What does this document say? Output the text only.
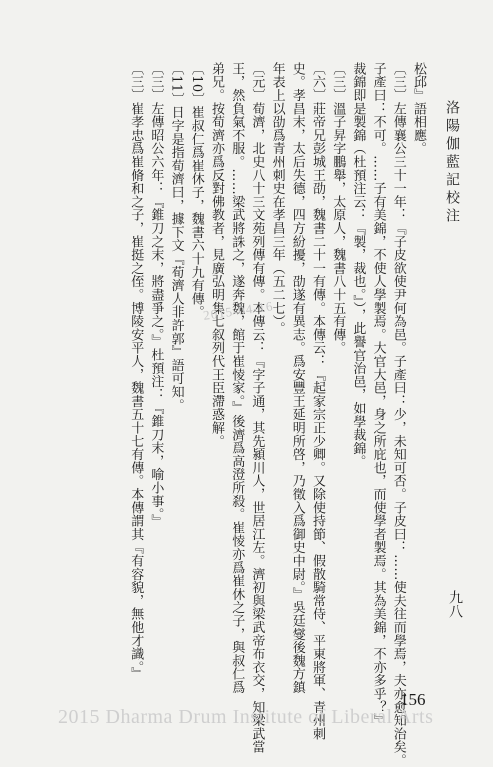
洛陽伽藍記校注
九八
松邱』語相應。
〔三〕左傳襄公三十一年：『子皮欲使尹何為邑。子產曰：少，未知可否。子皮曰：……使夫往而學焉，夫亦愈知治矣。
子產曰：不可。……子有美錦，不使人學製焉。大官大邑，身之所庇也，而使學者製焉。其為美錦，不亦多乎？』
裁錦即是製錦（杜預注云：『製，裁也。』），此譽官治邑，如學裁錦。
〔三〕溫子昇字鵬舉，太原人，魏書八十五有傳。
〔六〕莊帝兄彭城王劭，魏書二十一有傳。本傳云：『起家宗正少卿。又除使持節、假散騎常侍、平東將軍、青州刺
史。孝昌末，太后失德，四方紛擾，劭遂有異志。爲安豐王延明所啓，乃徵入爲御史中尉。』吳廷燮後魏方鎮
年表上以劭爲青州刺史在孝昌三年（五二七）。
〔元〕荀濟，北史八十三文苑列傳有傳。本傳云：『字子通，其先潁川人，世居江左。濟初與梁武帝布衣交，知梁武當
王，然負氣不服。……梁武將誅之，遂奔魏，館于崔㥄家。』後濟爲高澄所殺。崔㥄亦爲崔休之子，與叔仁爲
弟兄。按荀濟亦爲反對佛教者，見廣弘明集七叙列代王臣滯惑解。
〔10〕崔叔仁爲崔休子，魏書六十九有傳。
〔11〕日字是指荀濟曰，據下文『荀濟人非許郭』語可知。
〔三〕左傳昭公六年：『錐刀之末，將盡爭之。』杜預注：『錐刀末，喻小事。』
〔三〕崔孝忠爲崔脩和之子，崔挺之侄。博陵安平人，魏書五十七有傳。本傳謂其『有容貌，無他才識。』	2015-04-16
156
2015 Dharma Drum Institute of Liberal Arts
